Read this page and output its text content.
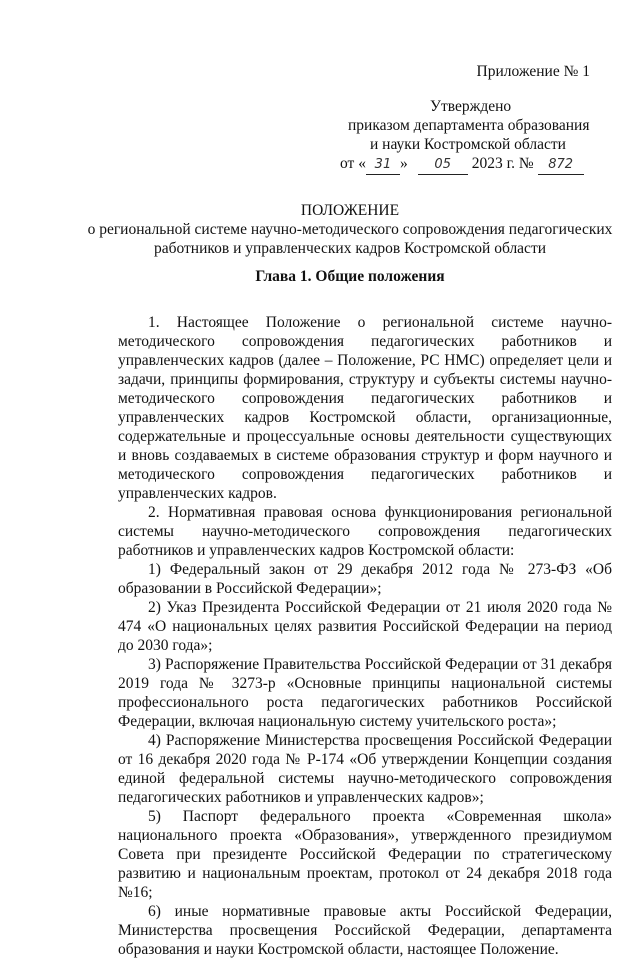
Приложение № 1
Утверждено
приказом департамента образования
и науки Костромской области
от « 31 » 05 2023 г. № 872
ПОЛОЖЕНИЕ
о региональной системе научно-методического сопровождения педагогических
работников и управленческих кадров Костромской области
Глава 1. Общие положения

1. Настоящее Положение о региональной системе научно-методического сопровождения педагогических работников и управленческих кадров (далее – Положение, РС НМС) определяет цели и задачи, принципы формирования, структуру и субъекты системы научно-методического сопровождения педагогических работников и управленческих кадров Костромской области, организационные, содержательные и процессуальные основы деятельности существующих и вновь создаваемых в системе образования структур и форм научного и методического сопровождения педагогических работников и управленческих кадров.

2. Нормативная правовая основа функционирования региональной системы научно-методического сопровождения педагогических работников и управленческих кадров Костромской области:

1) Федеральный закон от 29 декабря 2012 года № 273-ФЗ «Об образовании в Российской Федерации»;

2) Указ Президента Российской Федерации от 21 июля 2020 года № 474 «О национальных целях развития Российской Федерации на период до 2030 года»;

3) Распоряжение Правительства Российской Федерации от 31 декабря 2019 года № 3273-р «Основные принципы национальной системы профессионального роста педагогических работников Российской Федерации, включая национальную систему учительского роста»;

4) Распоряжение Министерства просвещения Российской Федерации от 16 декабря 2020 года № Р-174 «Об утверждении Концепции создания единой федеральной системы научно-методического сопровождения педагогических работников и управленческих кадров»;

5) Паспорт федерального проекта «Современная школа» национального проекта «Образования», утвержденного президиумом Совета при президенте Российской Федерации по стратегическому развитию и национальным проектам, протокол от 24 декабря 2018 года №16;

6) иные нормативные правовые акты Российской Федерации, Министерства просвещения Российской Федерации, департамента образования и науки Костромской области, настоящее Положение.
